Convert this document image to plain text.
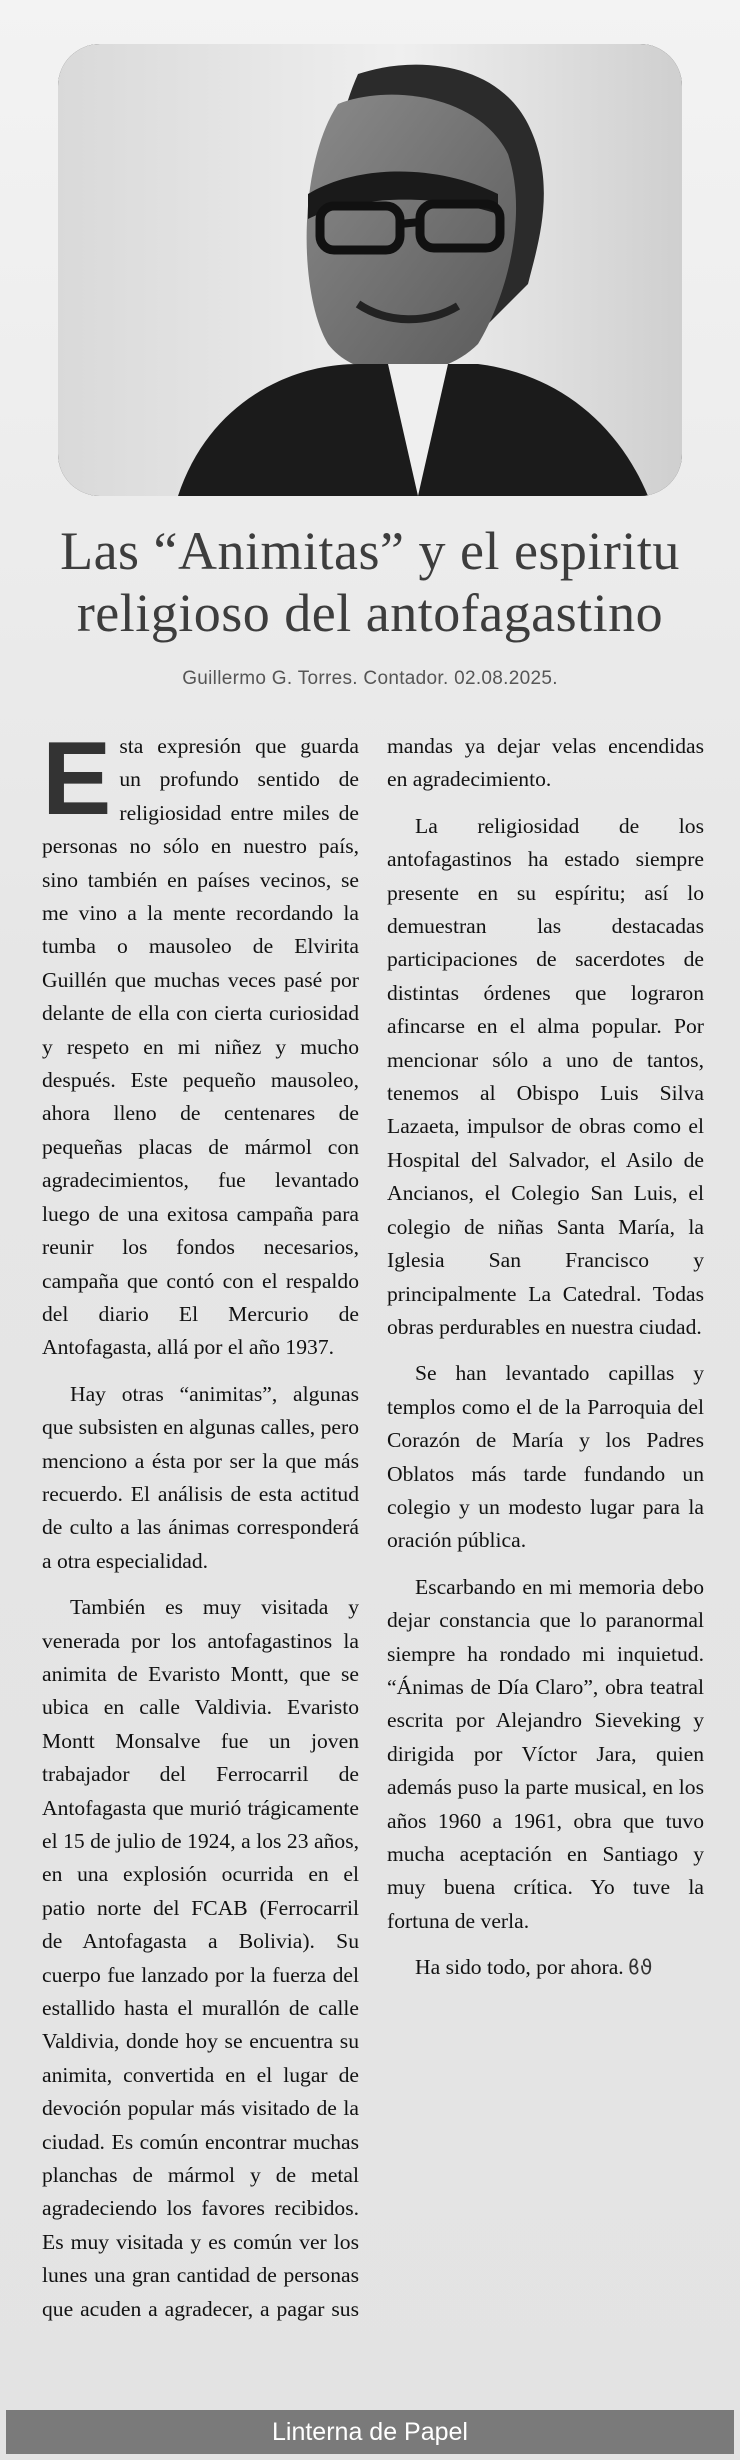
Las “Animitas” y el espiritu
religioso del antofagastino
Guillermo G. Torres. Contador. 02.08.2025.

Esta expresión que guarda un profundo sentido de religiosidad entre miles de personas no sólo en nuestro país, sino también en países vecinos, se me vino a la mente recordando la tumba o mausoleo de Elvirita Guillén que muchas veces pasé por delante de ella con cierta curiosidad y respeto en mi niñez y mucho después. Este pequeño mausoleo, ahora lleno de centenares de pequeñas placas de mármol con agradecimientos, fue levantado luego de una exitosa campaña para reunir los fondos necesarios, campaña que contó con el respaldo del diario El Mercurio de Antofagasta, allá por el año 1937.

Hay otras “animitas”, algunas que subsisten en algunas calles, pero menciono a ésta por ser la que más recuerdo. El análisis de esta actitud de culto a las ánimas corresponderá a otra especialidad.

También es muy visitada y venerada por los antofagastinos la animita de Evaristo Montt, que se ubica en calle Valdivia. Evaristo Montt Monsalve fue un joven trabajador del Ferrocarril de Antofagasta que murió trágicamente el 15 de julio de 1924, a los 23 años, en una explosión ocurrida en el patio norte del FCAB (Ferrocarril de Antofagasta a Bolivia). Su cuerpo fue lanzado por la fuerza del estallido hasta el murallón de calle Valdivia, donde hoy se encuentra su animita, convertida en el lugar de devoción popular más visitado de la ciudad. Es común encontrar muchas planchas de mármol y de metal agradeciendo los favores recibidos. Es muy visitada y es común ver los lunes una gran cantidad de personas que acuden a agradecer, a pagar sus mandas ya dejar velas encendidas en agradecimiento.

La religiosidad de los antofagastinos ha estado siempre presente en su espíritu; así lo demuestran las destacadas participaciones de sacerdotes de distintas órdenes que lograron afincarse en el alma popular. Por mencionar sólo a uno de tantos, tenemos al Obispo Luis Silva Lazaeta, impulsor de obras como el Hospital del Salvador, el Asilo de Ancianos, el Colegio San Luis, el colegio de niñas Santa María, la Iglesia San Francisco y principalmente La Catedral. Todas obras perdurables en nuestra ciudad.

Se han levantado capillas y templos como el de la Parroquia del Corazón de María y los Padres Oblatos más tarde fundando un colegio y un modesto lugar para la oración pública.

Escarbando en mi memoria debo dejar constancia que lo paranormal siempre ha rondado mi inquietud. “Ánimas de Día Claro”, obra teatral escrita por Alejandro Sieveking y dirigida por Víctor Jara, quien además puso la parte musical, en los años 1960 a 1961, obra que tuvo mucha aceptación en Santiago y muy buena crítica. Yo tuve la fortuna de verla.

Ha sido todo, por ahora. ϐϑ

Linterna de Papel
